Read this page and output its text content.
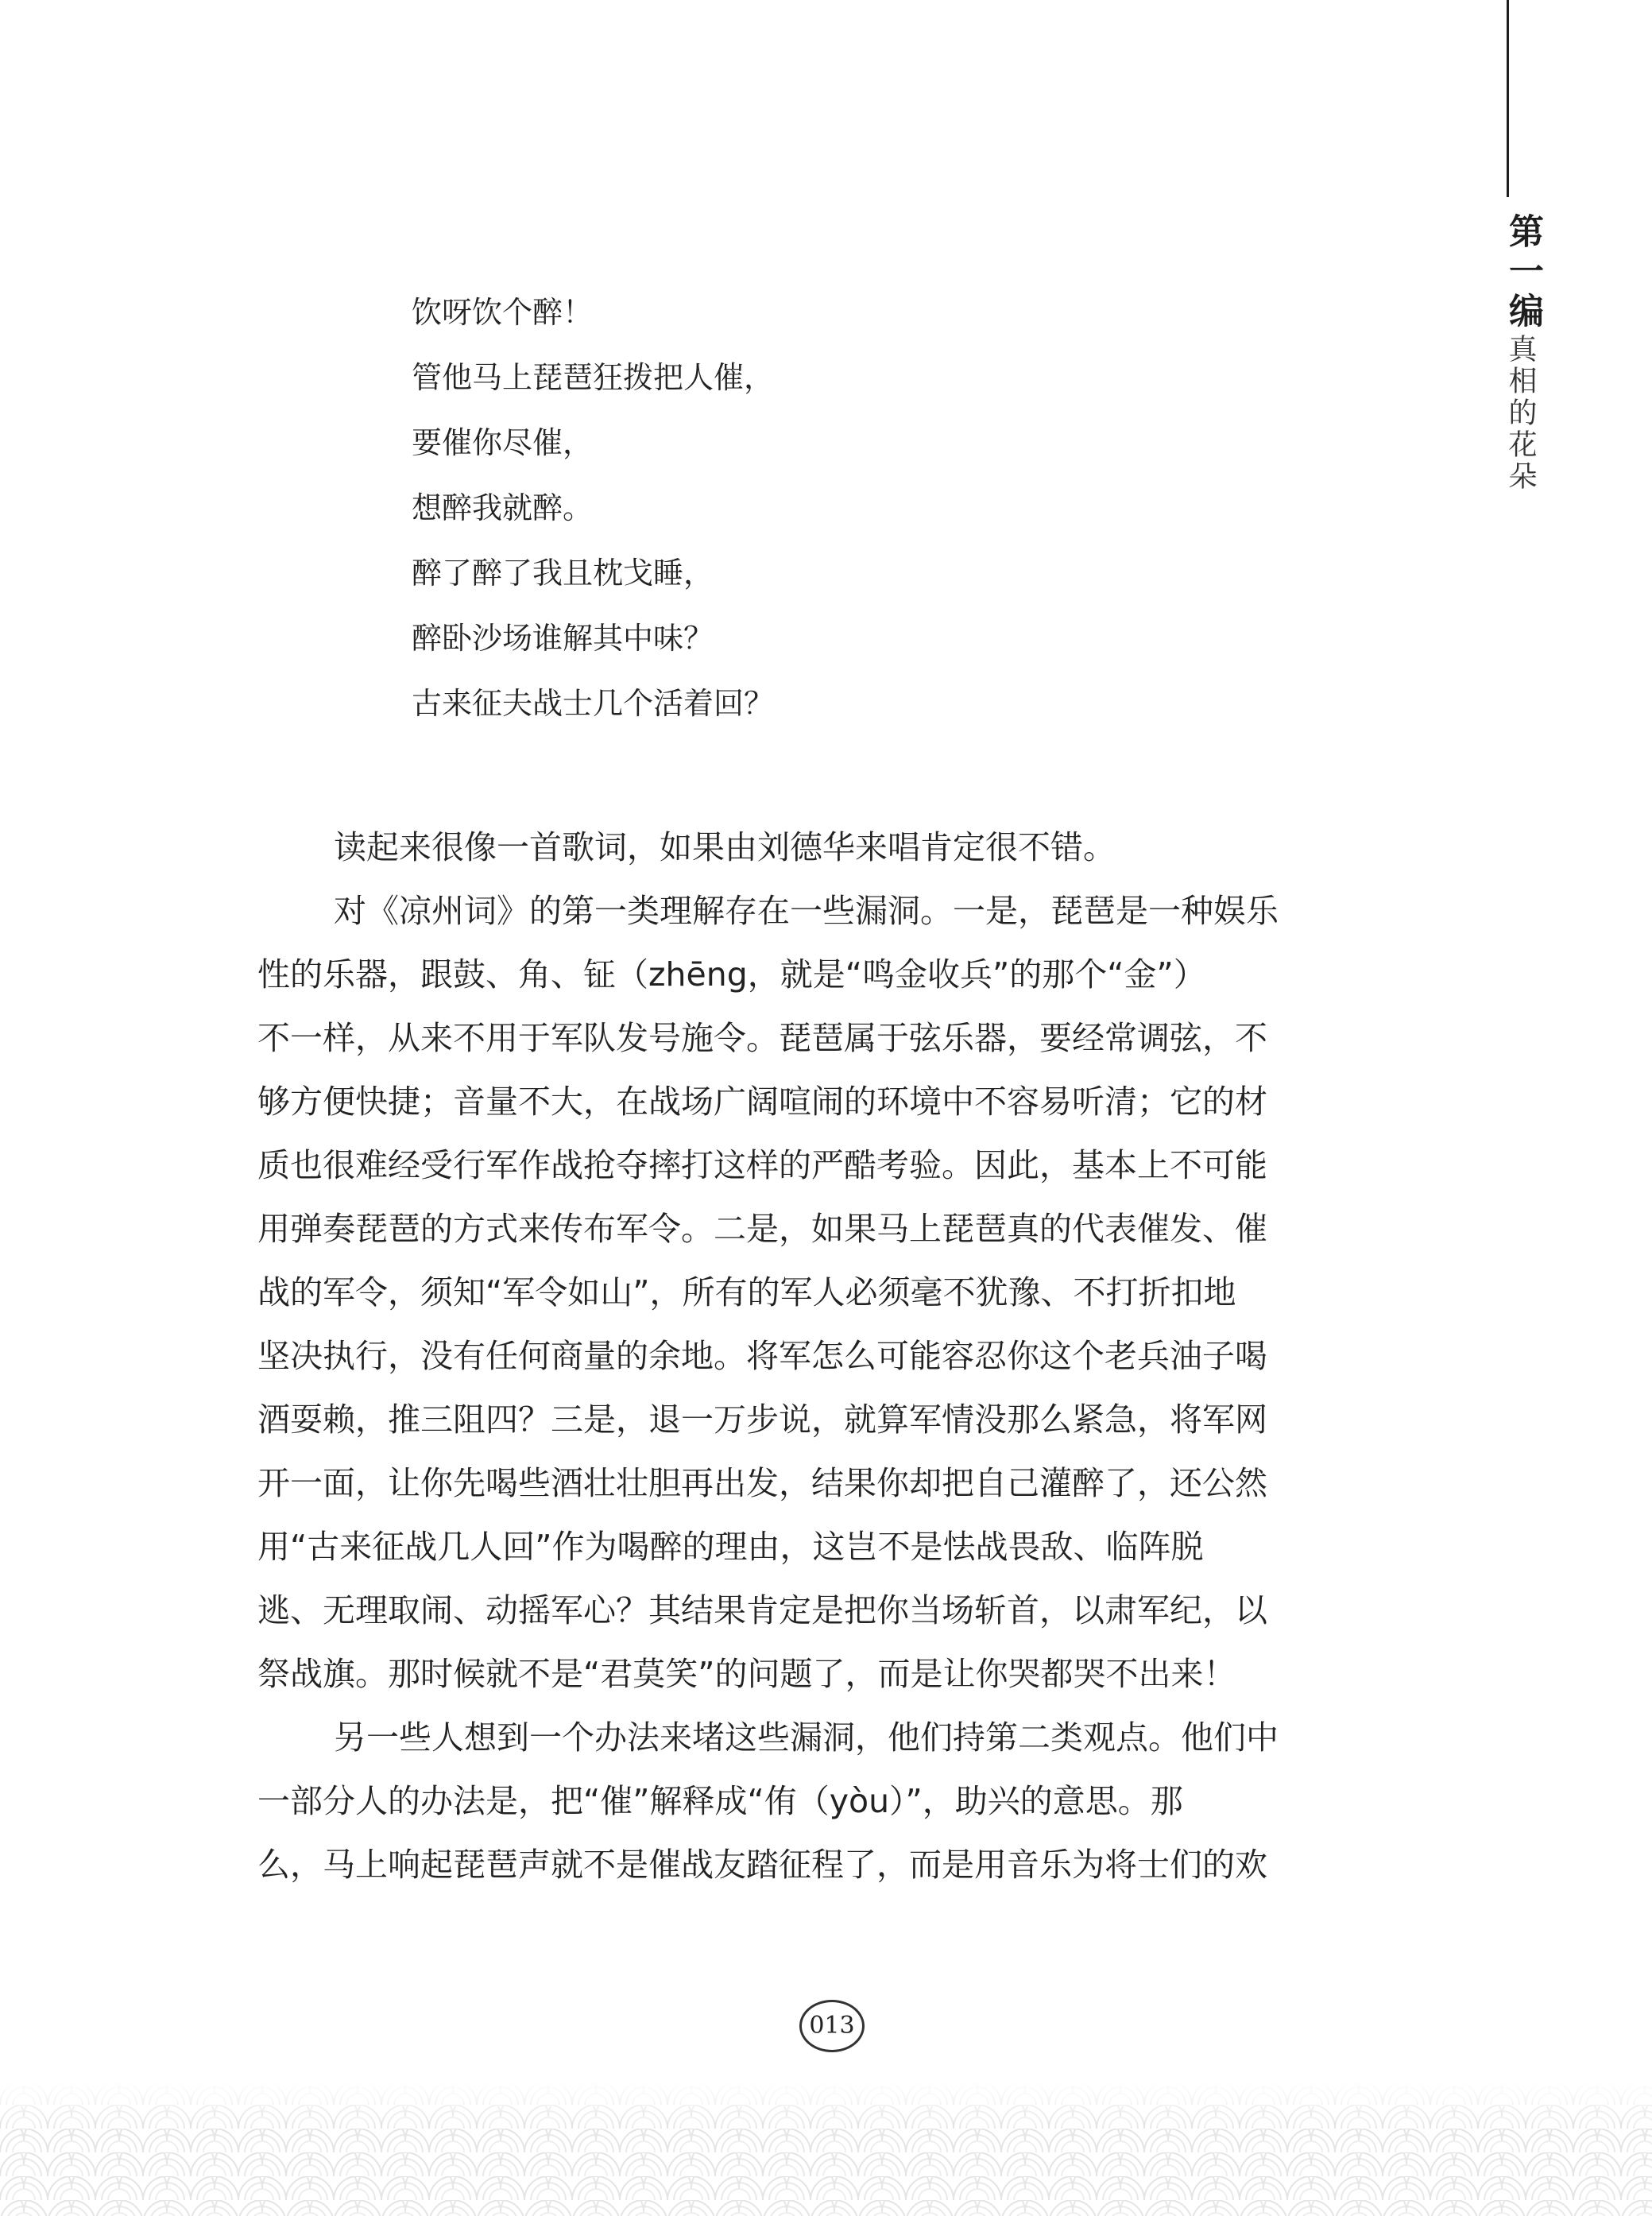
第一编
真相的花朵
饮呀饮个醉！
管他马上琵琶狂拨把人催，
要催你尽催，
想醉我就醉。
醉了醉了我且枕戈睡，
醉卧沙场谁解其中味？
古来征夫战士几个活着回？
读起来很像一首歌词，如果由刘德华来唱肯定很不错。
对《凉州词》的第一类理解存在一些漏洞。一是，琵琶是一种娱乐
性的乐器，跟鼓、角、钲（zhēng，就是“鸣金收兵”的那个“金”）
不一样，从来不用于军队发号施令。琵琶属于弦乐器，要经常调弦，不
够方便快捷；音量不大，在战场广阔喧闹的环境中不容易听清；它的材
质也很难经受行军作战抢夺摔打这样的严酷考验。因此，基本上不可能
用弹奏琵琶的方式来传布军令。二是，如果马上琵琶真的代表催发、催
战的军令，须知“军令如山”，所有的军人必须毫不犹豫、不打折扣地
坚决执行，没有任何商量的余地。将军怎么可能容忍你这个老兵油子喝
酒耍赖，推三阻四？三是，退一万步说，就算军情没那么紧急，将军网
开一面，让你先喝些酒壮壮胆再出发，结果你却把自己灌醉了，还公然
用“古来征战几人回”作为喝醉的理由，这岂不是怯战畏敌、临阵脱
逃、无理取闹、动摇军心？其结果肯定是把你当场斩首，以肃军纪，以
祭战旗。那时候就不是“君莫笑”的问题了，而是让你哭都哭不出来！
另一些人想到一个办法来堵这些漏洞，他们持第二类观点。他们中
一部分人的办法是，把“催”解释成“侑（yòu）”，助兴的意思。那
么，马上响起琵琶声就不是催战友踏征程了，而是用音乐为将士们的欢
013
